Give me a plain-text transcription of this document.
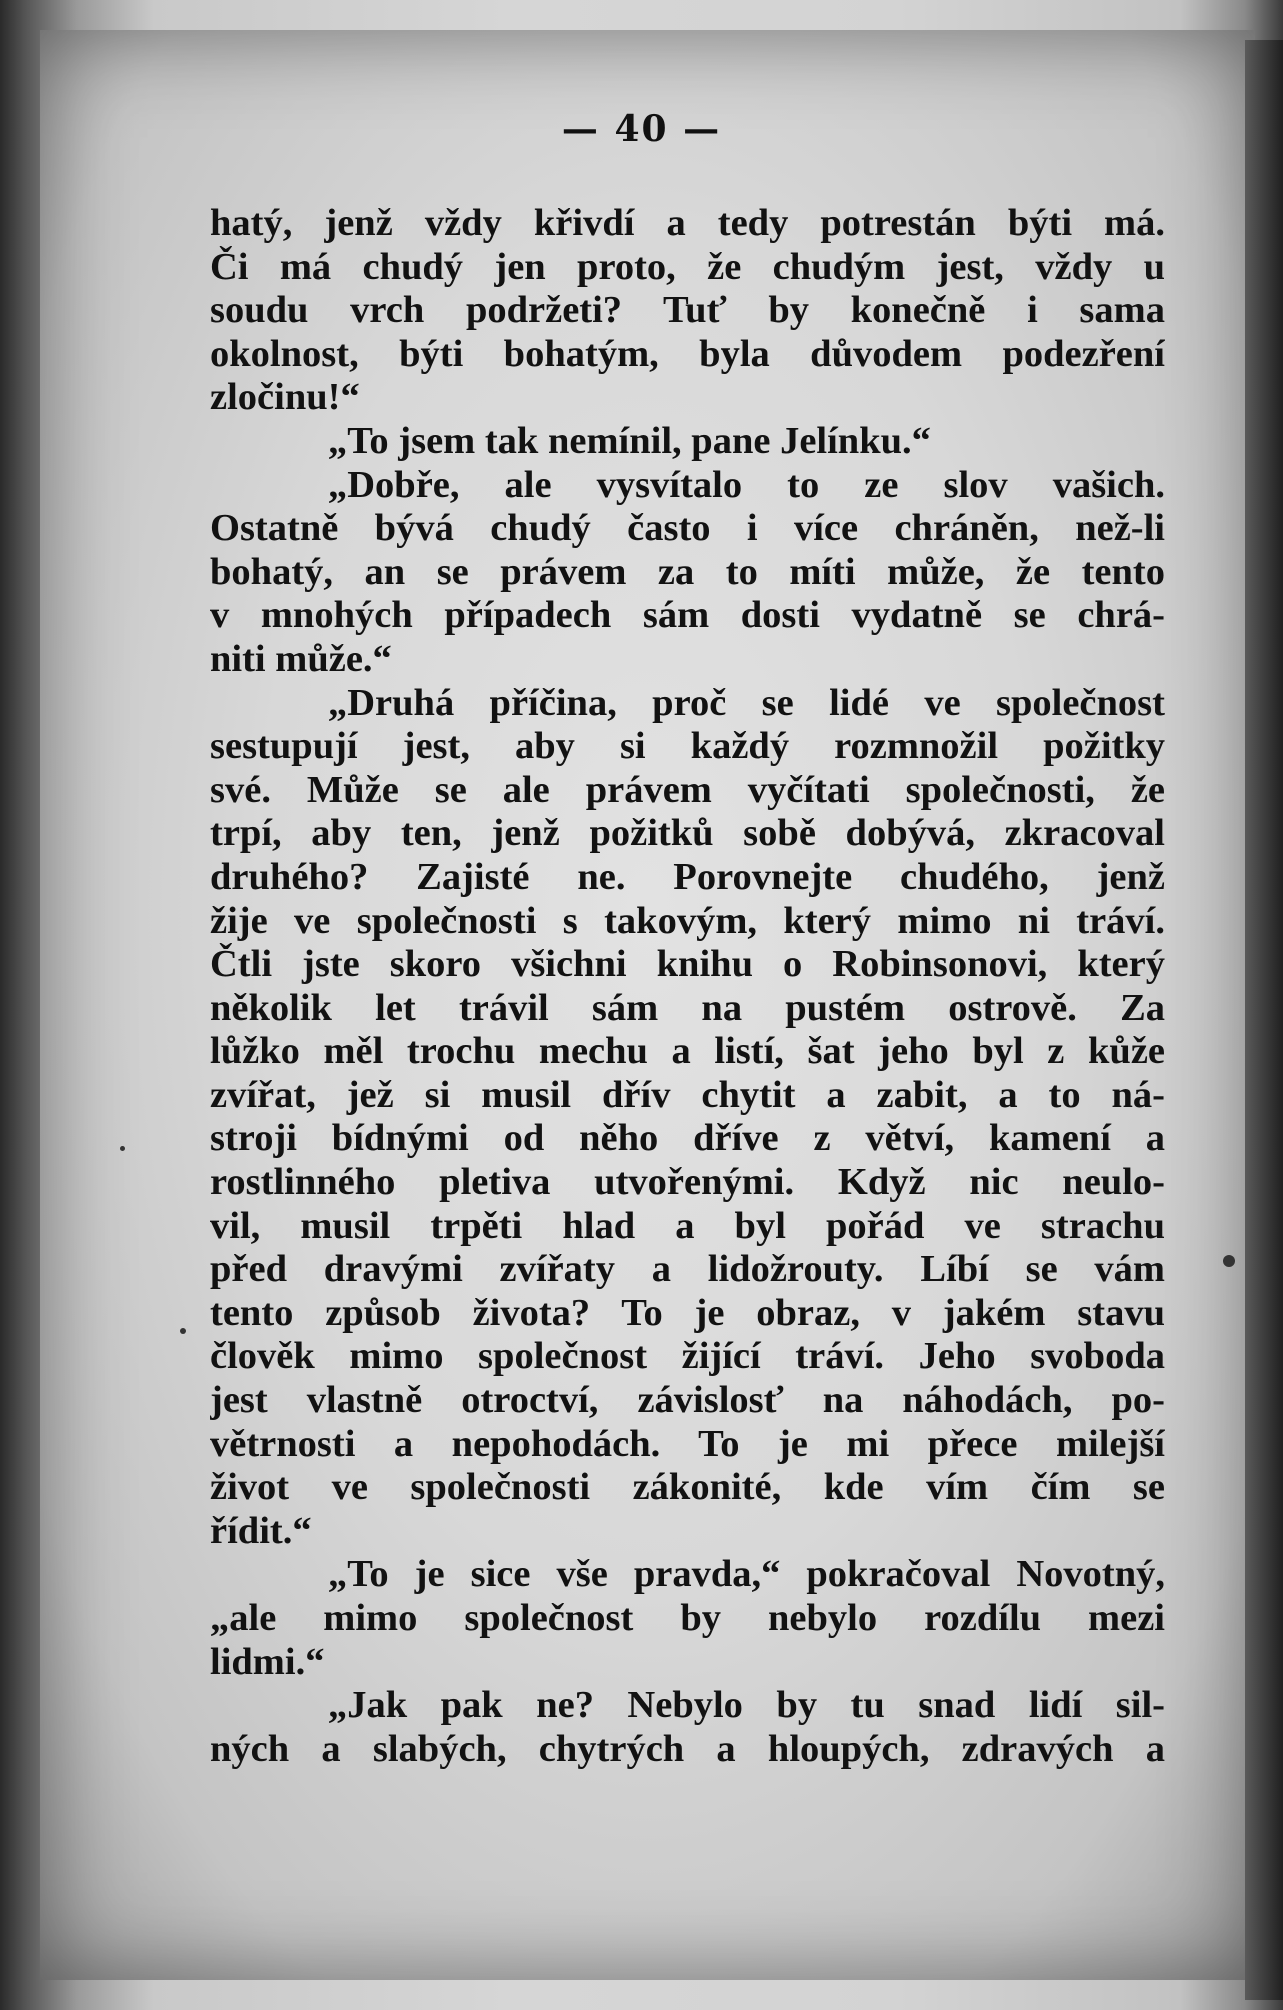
— 40 —
hatý, jenž vždy křivdí a tedy potrestán býti má.
Či má chudý jen proto, že chudým jest, vždy u
soudu vrch podržeti? Tuť by konečně i sama
okolnost, býti bohatým, byla důvodem podezření
zločinu!“
„To jsem tak nemínil, pane Jelínku.“
„Dobře, ale vysvítalo to ze slov vašich.
Ostatně bývá chudý často i více chráněn, než-li
bohatý, an se právem za to míti může, že tento
v mnohých případech sám dosti vydatně se chrá-
niti může.“
„Druhá příčina, proč se lidé ve společnost
sestupují jest, aby si každý rozmnožil požitky
své. Může se ale právem vyčítati společnosti, že
trpí, aby ten, jenž požitků sobě dobývá, zkracoval
druhého? Zajisté ne. Porovnejte chudého, jenž
žije ve společnosti s takovým, který mimo ni tráví.
Čtli jste skoro všichni knihu o Robinsonovi, který
několik let trávil sám na pustém ostrově. Za
lůžko měl trochu mechu a listí, šat jeho byl z kůže
zvířat, jež si musil dřív chytit a zabit, a to ná-
stroji bídnými od něho dříve z větví, kamení a
rostlinného pletiva utvořenými. Když nic neulo-
vil, musil trpěti hlad a byl pořád ve strachu
před dravými zvířaty a lidožrouty. Líbí se vám
tento způsob života? To je obraz, v jakém stavu
člověk mimo společnost žijící tráví. Jeho svoboda
jest vlastně otroctví, závislosť na náhodách, po-
větrnosti a nepohodách. To je mi přece milejší
život ve společnosti zákonité, kde vím čím se
řídit.“
„To je sice vše pravda,“ pokračoval Novotný,
„ale mimo společnost by nebylo rozdílu mezi
lidmi.“
„Jak pak ne? Nebylo by tu snad lidí sil-
ných a slabých, chytrých a hloupých, zdravých a
